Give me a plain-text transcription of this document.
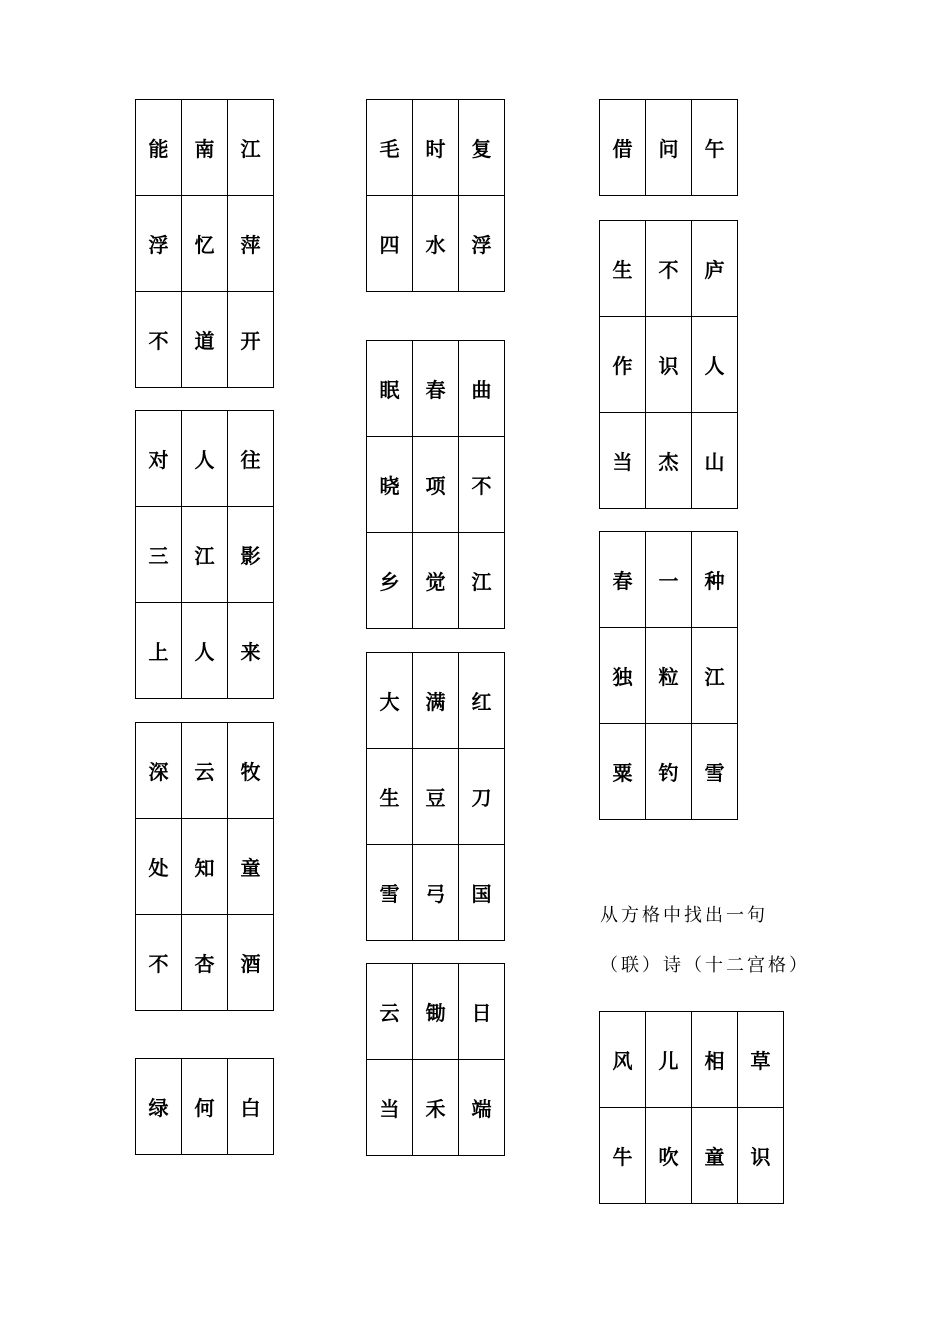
能	南	江
浮	忆	萍
不	道	开
对	人	往
三	江	影
上	人	来
深	云	牧
处	知	童
不	杏	酒
绿	何	白
毛	时	复
四	水	浮
眠	春	曲
晓	项	不
乡	觉	江
大	满	红
生	豆	刀
雪	弓	国
云	锄	日
当	禾	端
借	问	午
生	不	庐
作	识	人
当	杰	山
春	一	种
独	粒	江
粟	钓	雪
从方格中找出一句
（联）诗（十二宫格）
风	儿	相	草
牛	吹	童	识
